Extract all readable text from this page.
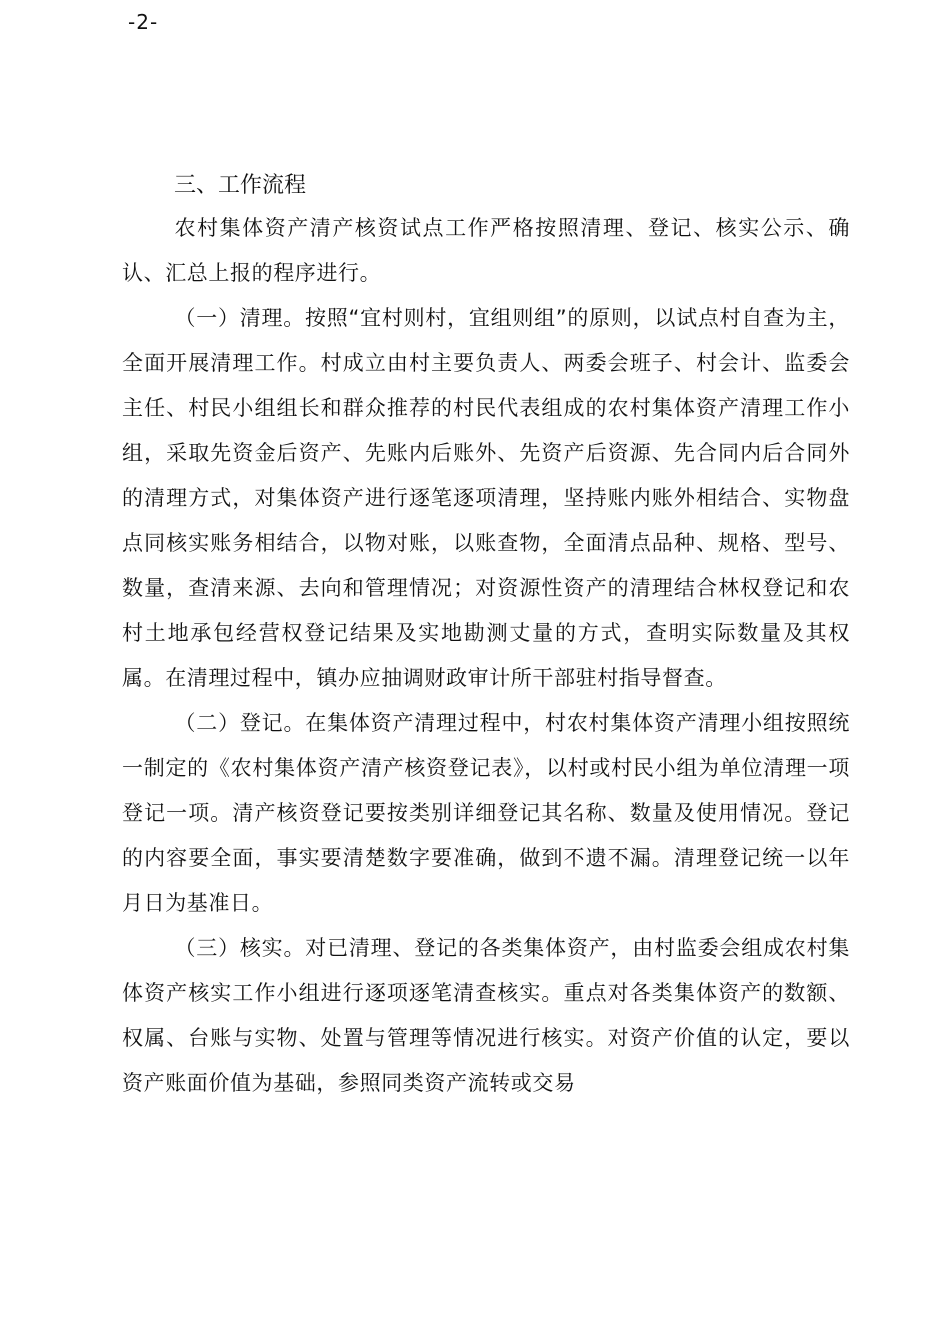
-2-
三、工作流程

农村集体资产清产核资试点工作严格按照清理、登记、核实公示、确认、汇总上报的程序进行。

（一）清理。按照“宜村则村，宜组则组”的原则，以试点村自查为主，全面开展清理工作。村成立由村主要负责人、两委会班子、村会计、监委会主任、村民小组组长和群众推荐的村民代表组成的农村集体资产清理工作小组，采取先资金后资产、先账内后账外、先资产后资源、先合同内后合同外的清理方式，对集体资产进行逐笔逐项清理，坚持账内账外相结合、实物盘点同核实账务相结合，以物对账，以账查物，全面清点品种、规格、型号、数量，查清来源、去向和管理情况；对资源性资产的清理结合林权登记和农村土地承包经营权登记结果及实地勘测丈量的方式，查明实际数量及其权属。在清理过程中，镇办应抽调财政审计所干部驻村指导督查。

（二）登记。在集体资产清理过程中，村农村集体资产清理小组按照统一制定的《农村集体资产清产核资登记表》，以村或村民小组为单位清理一项登记一项。清产核资登记要按类别详细登记其名称、数量及使用情况。登记的内容要全面，事实要清楚数字要准确，做到不遗不漏。清理登记统一以年月日为基准日。

（三）核实。对已清理、登记的各类集体资产，由村监委会组成农村集体资产核实工作小组进行逐项逐笔清查核实。重点对各类集体资产的数额、权属、台账与实物、处置与管理等情况进行核实。对资产价值的认定，要以资产账面价值为基础，参照同类资产流转或交易
